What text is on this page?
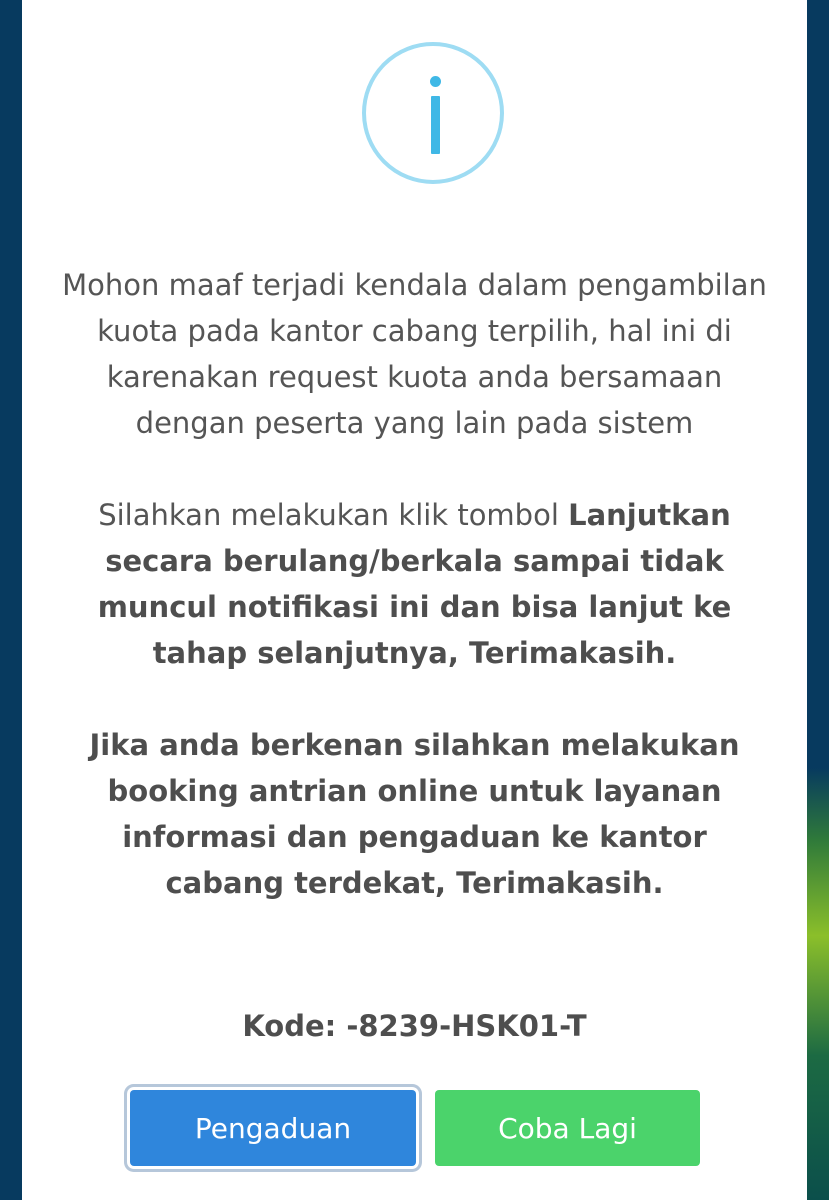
Mohon maaf terjadi kendala dalam pengambilan kuota pada kantor cabang terpilih, hal ini di karenakan request kuota anda bersamaan dengan peserta yang lain pada sistem

Silahkan melakukan klik tombol Lanjutkan secara berulang/berkala sampai tidak muncul notifikasi ini dan bisa lanjut ke tahap selanjutnya, Terimakasih.

Jika anda berkenan silahkan melakukan booking antrian online untuk layanan informasi dan pengaduan ke kantor cabang terdekat, Terimakasih.

Kode: -8239-HSK01-T
Pengaduan	Coba Lagi
